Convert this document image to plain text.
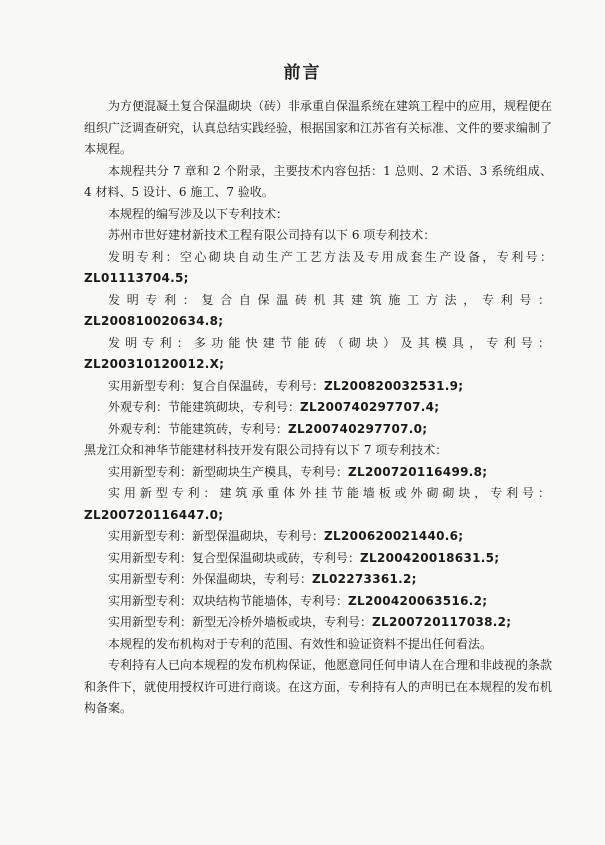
前言

为方便混凝土复合保温砌块（砖）非承重自保温系统在建筑工程中的应用，规程便在组织广泛调查研究，认真总结实践经验，根据国家和江苏省有关标准、文件的要求编制了本规程。

本规程共分 7 章和 2 个附录，主要技术内容包括：1 总则、2 术语、3 系统组成、4 材料、5 设计、6 施工、7 验收。

本规程的编写涉及以下专利技术：

苏州市世好建材新技术工程有限公司持有以下 6 项专利技术：

发明专利：空心砌块自动生产工艺方法及专用成套生产设备，专利号：ZL01113704.5;

发明专利：复合自保温砖机其建筑施工方法，专利号：ZL200810020634.8;

发明专利：多功能快建节能砖（砌块）及其模具，专利号：ZL200310120012.X;

实用新型专利：复合自保温砖，专利号：ZL200820032531.9;

外观专利：节能建筑砌块，专利号：ZL200740297707.4;

外观专利：节能建筑砖，专利号：ZL200740297707.0;

黑龙江众和神华节能建材科技开发有限公司持有以下 7 项专利技术：

实用新型专利：新型砌块生产模具，专利号：ZL200720116499.8;

实用新型专利：建筑承重体外挂节能墙板或外砌砌块，专利号：ZL200720116447.0;

实用新型专利：新型保温砌块，专利号：ZL200620021440.6;

实用新型专利：复合型保温砌块或砖，专利号：ZL200420018631.5;

实用新型专利：外保温砌块，专利号：ZL02273361.2;

实用新型专利：双块结构节能墙体，专利号：ZL200420063516.2;

实用新型专利：新型无冷桥外墙板或块，专利号：ZL200720117038.2;

本规程的发布机构对于专利的范围、有效性和验证资料不提出任何看法。

专利持有人已向本规程的发布机构保证，他愿意同任何申请人在合理和非歧视的条款和条件下，就使用授权许可进行商谈。在这方面，专利持有人的声明已在本规程的发布机构备案。
